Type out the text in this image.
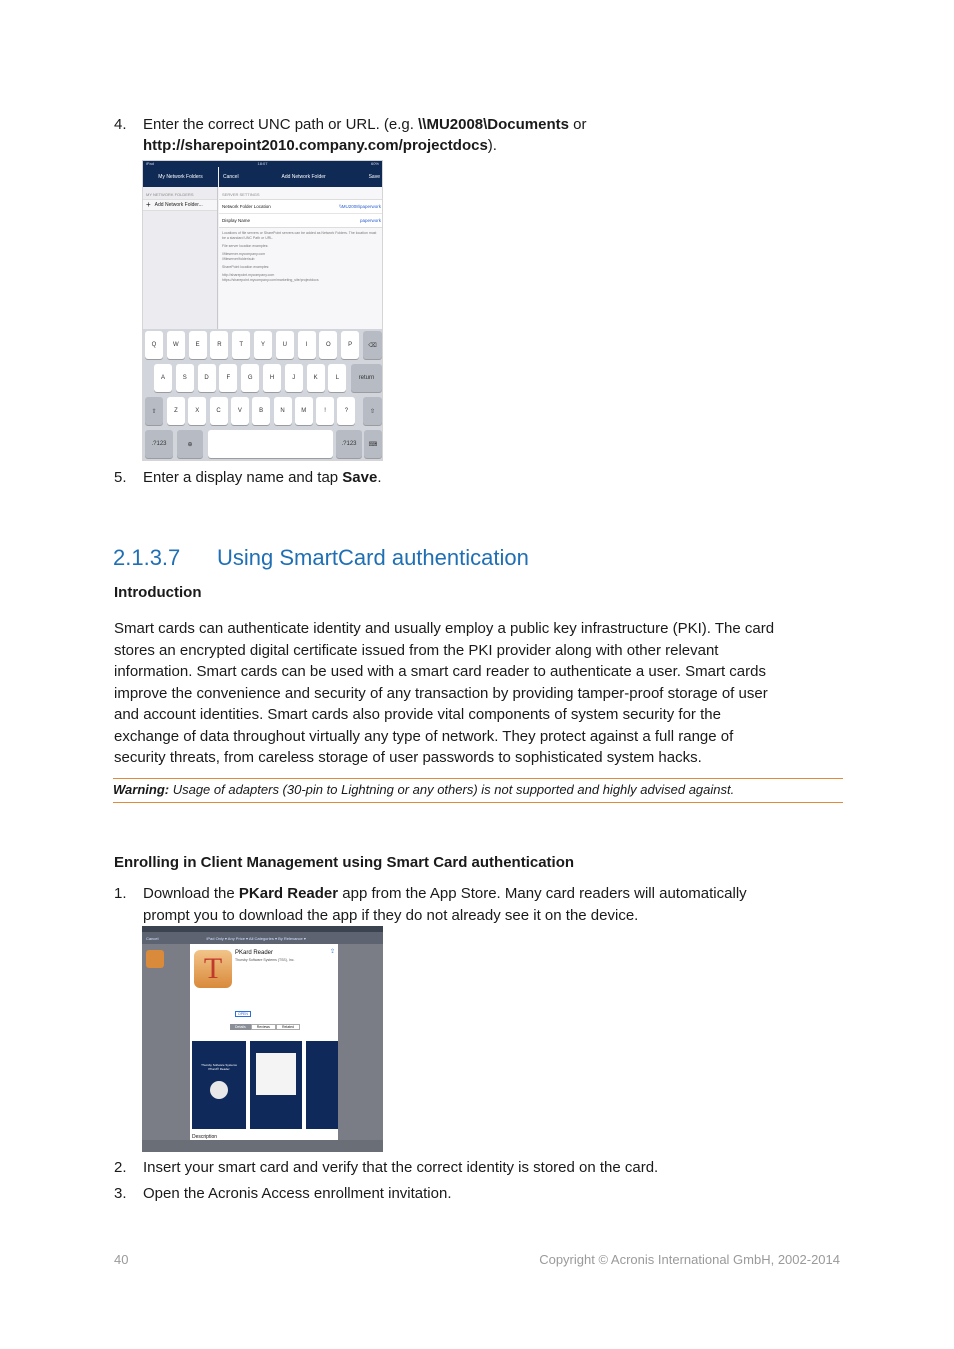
4. Enter the correct UNC path or URL. (e.g. \\MU2008\Documents or
http://sharepoint2010.company.com/projectdocs).
iPad	18:07	60%
My Network Folders	Cancel	Add Network Folder	Save
MY NETWORK FOLDERS
+ Add Network Folder...
SERVER SETTINGS
Network Folder Location	\\MU2008\paperwork
Display Name	paperwork
Locations of file servers or SharePoint servers can be added as Network Folders. The location must be a standard UNC Path or URL.
File server location examples:
\\fileserver.mycompany.com
\\fileserver\folder\sub
SharePoint location examples:
http://sharepoint.mycompany.com
https://sharepoint.mycompany.com/marketing_site/projectdocs
Q	W	E	R	T	Y	U	I	O	P	⌫
A	S	D	F	G	H	J	K	L	return
⇧	Z	X	C	V	B	N	M	!	?	⇧
.?123	⊕	.?123	⌨
5. Enter a display name and tap Save.
2.1.3.7 Using SmartCard authentication
Introduction
Smart cards can authenticate identity and usually employ a public key infrastructure (PKI). The card
stores an encrypted digital certificate issued from the PKI provider along with other relevant
information. Smart cards can be used with a smart card reader to authenticate a user. Smart cards
improve the convenience and security of any transaction by providing tamper-proof storage of user
and account identities. Smart cards also provide vital components of system security for the
exchange of data throughout virtually any type of network. They protect against a full range of
security threats, from careless storage of user passwords to sophisticated system hacks.
Warning: Usage of adapters (30-pin to Lightning or any others) is not supported and highly advised against.
Enrolling in Client Management using Smart Card authentication
1. Download the PKard Reader app from the App Store. Many card readers will automatically
prompt you to download the app if they do not already see it on the device.
Cancel	iPad Only ▾ Any Price ▾ All Categories ▾ By Relevance ▾
T	PKard Reader
Thursby Software Systems (TSS), Inc.
⇪
OPEN
Details	Reviews	Related
Thursby Software Systems PKard® Reader
Description
2. Insert your smart card and verify that the correct identity is stored on the card.
3. Open the Acronis Access enrollment invitation.
40	Copyright © Acronis International GmbH, 2002-2014
